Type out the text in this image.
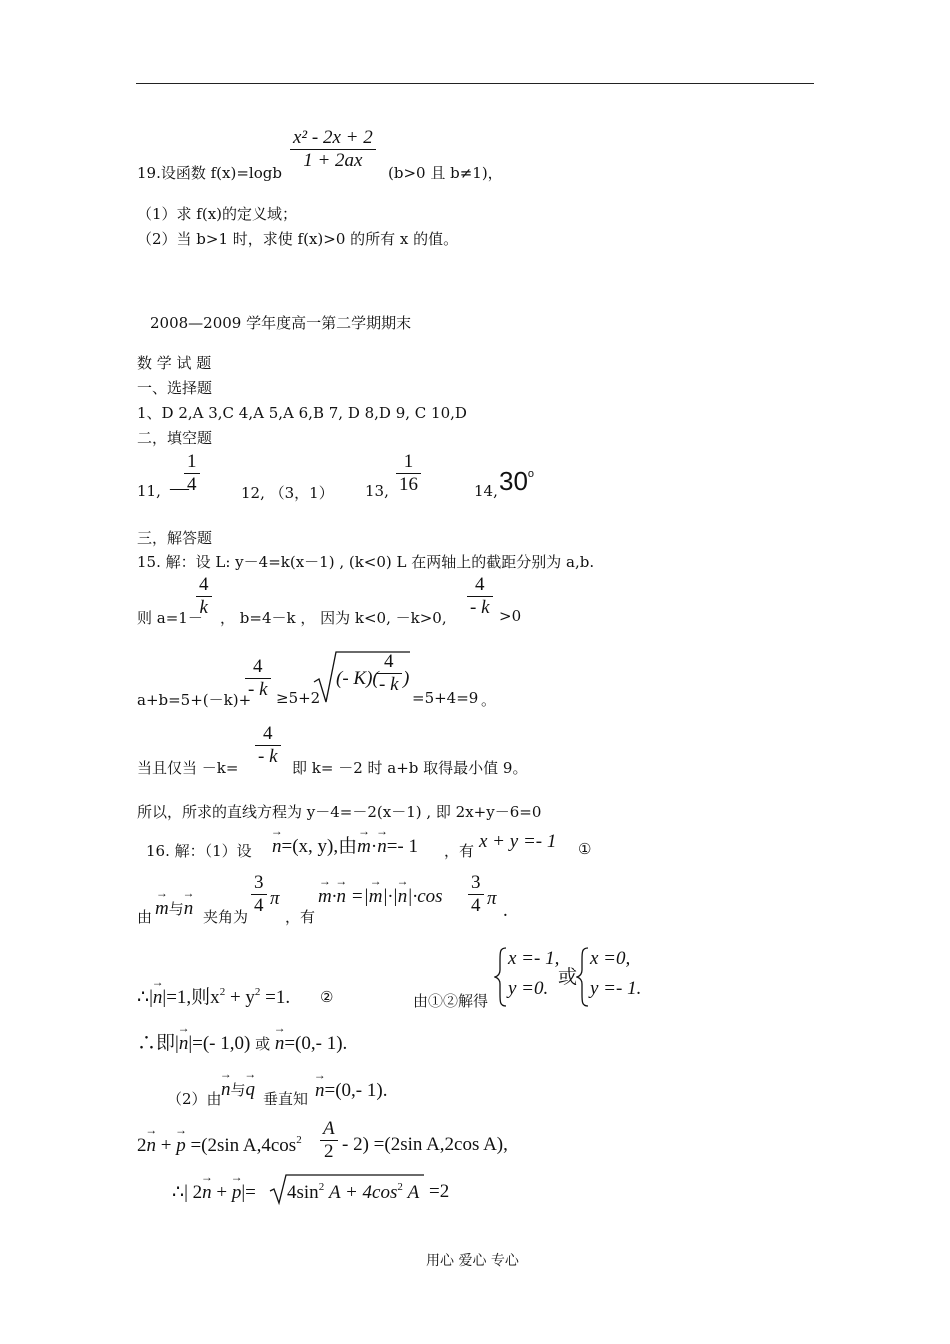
19.设函数 f(x)=logb
x² - 2x + 2
1 + 2ax
(b>0 且 b≠1)，
（1）求 f(x)的定义域；
（2）当 b>1 时，求使 f(x)>0 的所有 x 的值。
2008—2009 学年度高一第二学期期末
数 学 试 题
一、选择题
1、D 2,A 3,C 4,A 5,A 6,B 7, D 8,D 9, C 10,D
二，填空题
11, —
1
4	12, （3，1） 13,
1
16	14, 30$^o$
三，解答题
15. 解：设 L: y－4=k(x－1) , (k<0) L 在两轴上的截距分别为 a,b.
则 a=1－
4
k ， b=4－k ， 因为 k<0, －k>0,
4
- k >0
a+b=5+(－k)+
4
- k ≥5+2
(- K)(
4
- k )
=5+4=9 。
当且仅当 －k=
4
- k
即 k= －2 时 a+b 取得最小值 9。
所以，所求的直线方程为 y－4=－2(x－1) , 即 2x+y－6=0
16. 解：（1）设 → n=(x, y),由→ m·→ n=- 1 ，有 x + y =- 1 ①
由 → m与→ n 夹角为
3
4 π
，有
→ m·→ n =|→ m|·|→ n|·cos
3
4 π
.
∴|→ n|=1,则$x^2 + y^2 =1$. ②	由①②解得
x =- 1,
y =0.
或
x =0,
y =- 1.
∴即|→ n|=(- 1,0) 或 → n=(0,- 1).
（2）由 → n与→ q 垂直知 → n=(0,- 1).
2→ n + → p =(2sin $A,4\cos^2$
A
2 - 2) =(2sin A,2cos A),
∴| 2→ n + → $p|= 4\sin^2$ $A + 4\cos^2$ A =2
用心 爱心 专心
